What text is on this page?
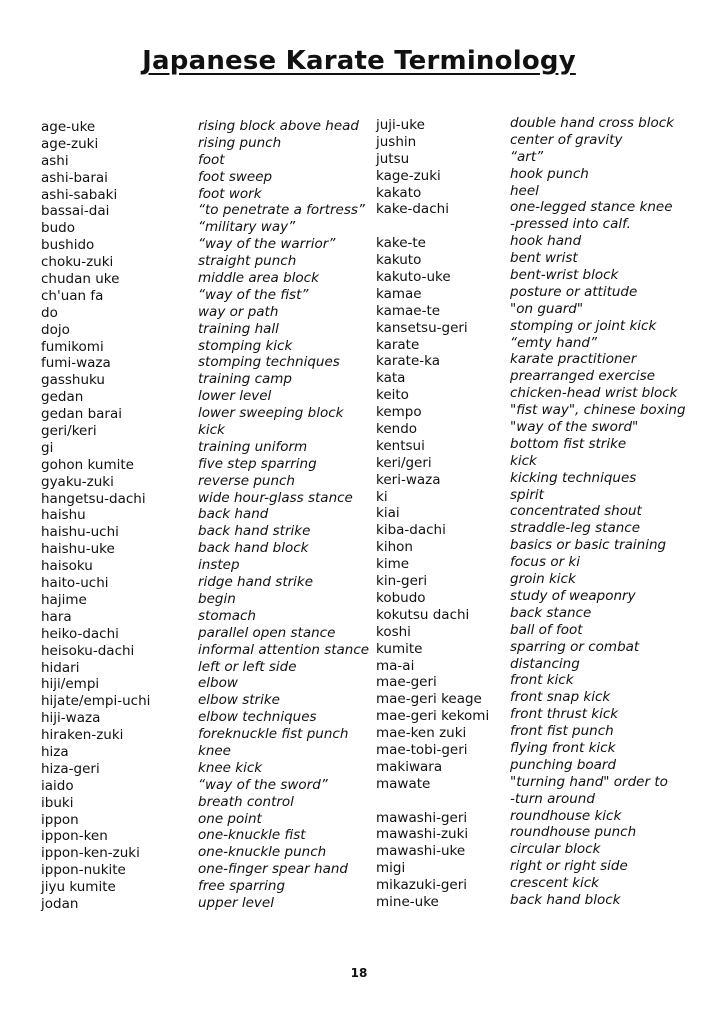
Japanese Karate Terminology
age-uke
age-zuki
ashi
ashi-barai
ashi-sabaki
bassai-dai
budo
bushido
choku-zuki
chudan uke
ch'uan fa
do
dojo
fumikomi
fumi-waza
gasshuku
gedan
gedan barai
geri/keri
gi
gohon kumite
gyaku-zuki
hangetsu-dachi
haishu
haishu-uchi
haishu-uke
haisoku
haito-uchi
hajime
hara
heiko-dachi
heisoku-dachi
hidari
hiji/empi
hijate/empi-uchi
hiji-waza
hiraken-zuki
hiza
hiza-geri
iaido
ibuki
ippon
ippon-ken
ippon-ken-zuki
ippon-nukite
jiyu kumite
jodan
rising block above head
rising punch
foot
foot sweep
foot work
“to penetrate a fortress”
“military way”
“way of the warrior”
straight punch
middle area block
“way of the fist”
way or path
training hall
stomping kick
stomping techniques
training camp
lower level
lower sweeping block
kick
training uniform
five step sparring
reverse punch
wide hour-glass stance
back hand
back hand strike
back hand block
instep
ridge hand strike
begin
stomach
parallel open stance
informal attention stance
left or left side
elbow
elbow strike
elbow techniques
foreknuckle fist punch
knee
knee kick
“way of the sword”
breath control
one point
one-knuckle fist
one-knuckle punch
one-finger spear hand
free sparring
upper level
juji-uke
jushin
jutsu
kage-zuki
kakato
kake-dachi
kake-te
kakuto
kakuto-uke
kamae
kamae-te
kansetsu-geri
karate
karate-ka
kata
keito
kempo
kendo
kentsui
keri/geri
keri-waza
ki
kiai
kiba-dachi
kihon
kime
kin-geri
kobudo
kokutsu dachi
koshi
kumite
ma-ai
mae-geri
mae-geri keage
mae-geri kekomi
mae-ken zuki
mae-tobi-geri
makiwara
mawate
mawashi-geri
mawashi-zuki
mawashi-uke
migi
mikazuki-geri
mine-uke
double hand cross block
center of gravity
“art”
hook punch
heel
one-legged stance knee
-pressed into calf.
hook hand
bent wrist
bent-wrist block
posture or attitude
"on guard"
stomping or joint kick
“emty hand”
karate practitioner
prearranged exercise
chicken-head wrist block
"fist way", chinese boxing
"way of the sword"
bottom fist strike
kick
kicking techniques
spirit
concentrated shout
straddle-leg stance
basics or basic training
focus or ki
groin kick
study of weaponry
back stance
ball of foot
sparring or combat
distancing
front kick
front snap kick
front thrust kick
front fist punch
flying front kick
punching board
"turning hand" order to
-turn around
roundhouse kick
roundhouse punch
circular block
right or right side
crescent kick
back hand block
18
